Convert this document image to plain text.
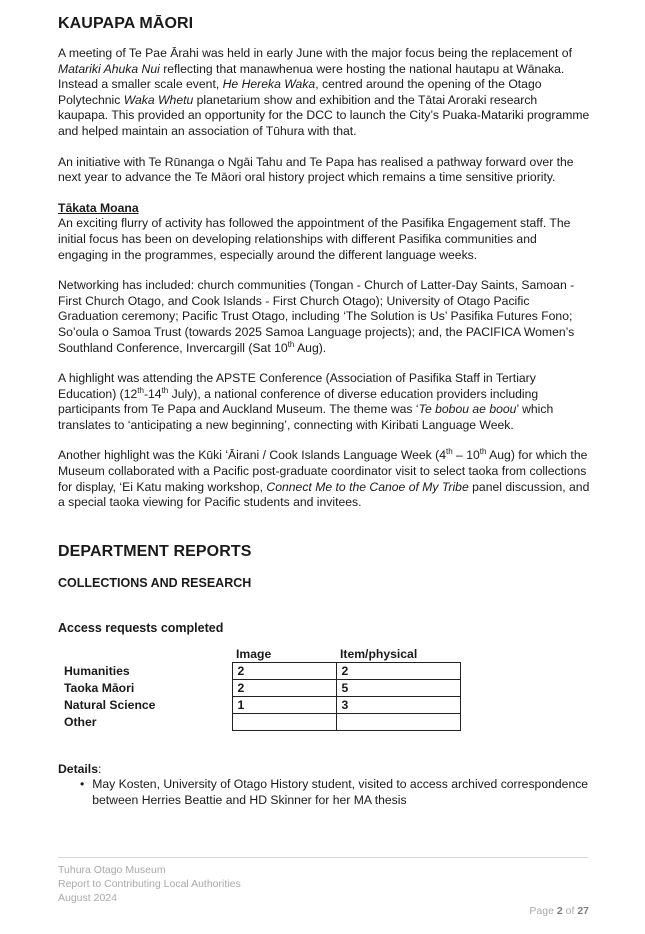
KAUPAPA MĀORI

A meeting of Te Pae Ārahi was held in early June with the major focus being the replacement of Matariki Ahuka Nui reflecting that manawhenua were hosting the national hautapu at Wānaka. Instead a smaller scale event, He Hereka Waka, centred around the opening of the Otago Polytechnic Waka Whetu planetarium show and exhibition and the Tātai Aroraki research kaupapa. This provided an opportunity for the DCC to launch the City’s Puaka-Matariki programme and helped maintain an association of Tūhura with that.

An initiative with Te Rūnanga o Ngāi Tahu and Te Papa has realised a pathway forward over the next year to advance the Te Māori oral history project which remains a time sensitive priority.

Tākata Moana

An exciting flurry of activity has followed the appointment of the Pasifika Engagement staff. The initial focus has been on developing relationships with different Pasifika communities and engaging in the programmes, especially around the different language weeks.

Networking has included: church communities (Tongan - Church of Latter-Day Saints, Samoan - First Church Otago, and Cook Islands - First Church Otago); University of Otago Pacific Graduation ceremony; Pacific Trust Otago, including ‘The Solution is Us’ Pasifika Futures Fono; So’oula o Samoa Trust (towards 2025 Samoa Language projects); and, the PACIFICA Women’s Southland Conference, Invercargill (Sat 10th Aug).

A highlight was attending the APSTE Conference (Association of Pasifika Staff in Tertiary Education) (12th-14th July), a national conference of diverse education providers including participants from Te Papa and Auckland Museum. The theme was ‘Te bobou ae boou’ which translates to ‘anticipating a new beginning’, connecting with Kiribati Language Week.

Another highlight was the Kūki ʻĀirani / Cook Islands Language Week (4th – 10th Aug) for which the Museum collaborated with a Pacific post-graduate coordinator visit to select taoka from collections for display, ‘Ei Katu making workshop, Connect Me to the Canoe of My Tribe panel discussion, and a special taoka viewing for Pacific students and invitees.

DEPARTMENT REPORTS
COLLECTIONS AND RESEARCH
Access requests completed
	Image	Item/physical
Humanities	2	2
Taoka Māori	2	5
Natural Science	1	3
Other		

Details:

• May Kosten, University of Otago History student, visited to access archived correspondence between Herries Beattie and HD Skinner for her MA thesis
Tuhura Otago Museum
Report to Contributing Local Authorities
August 2024
Page 2 of 27
